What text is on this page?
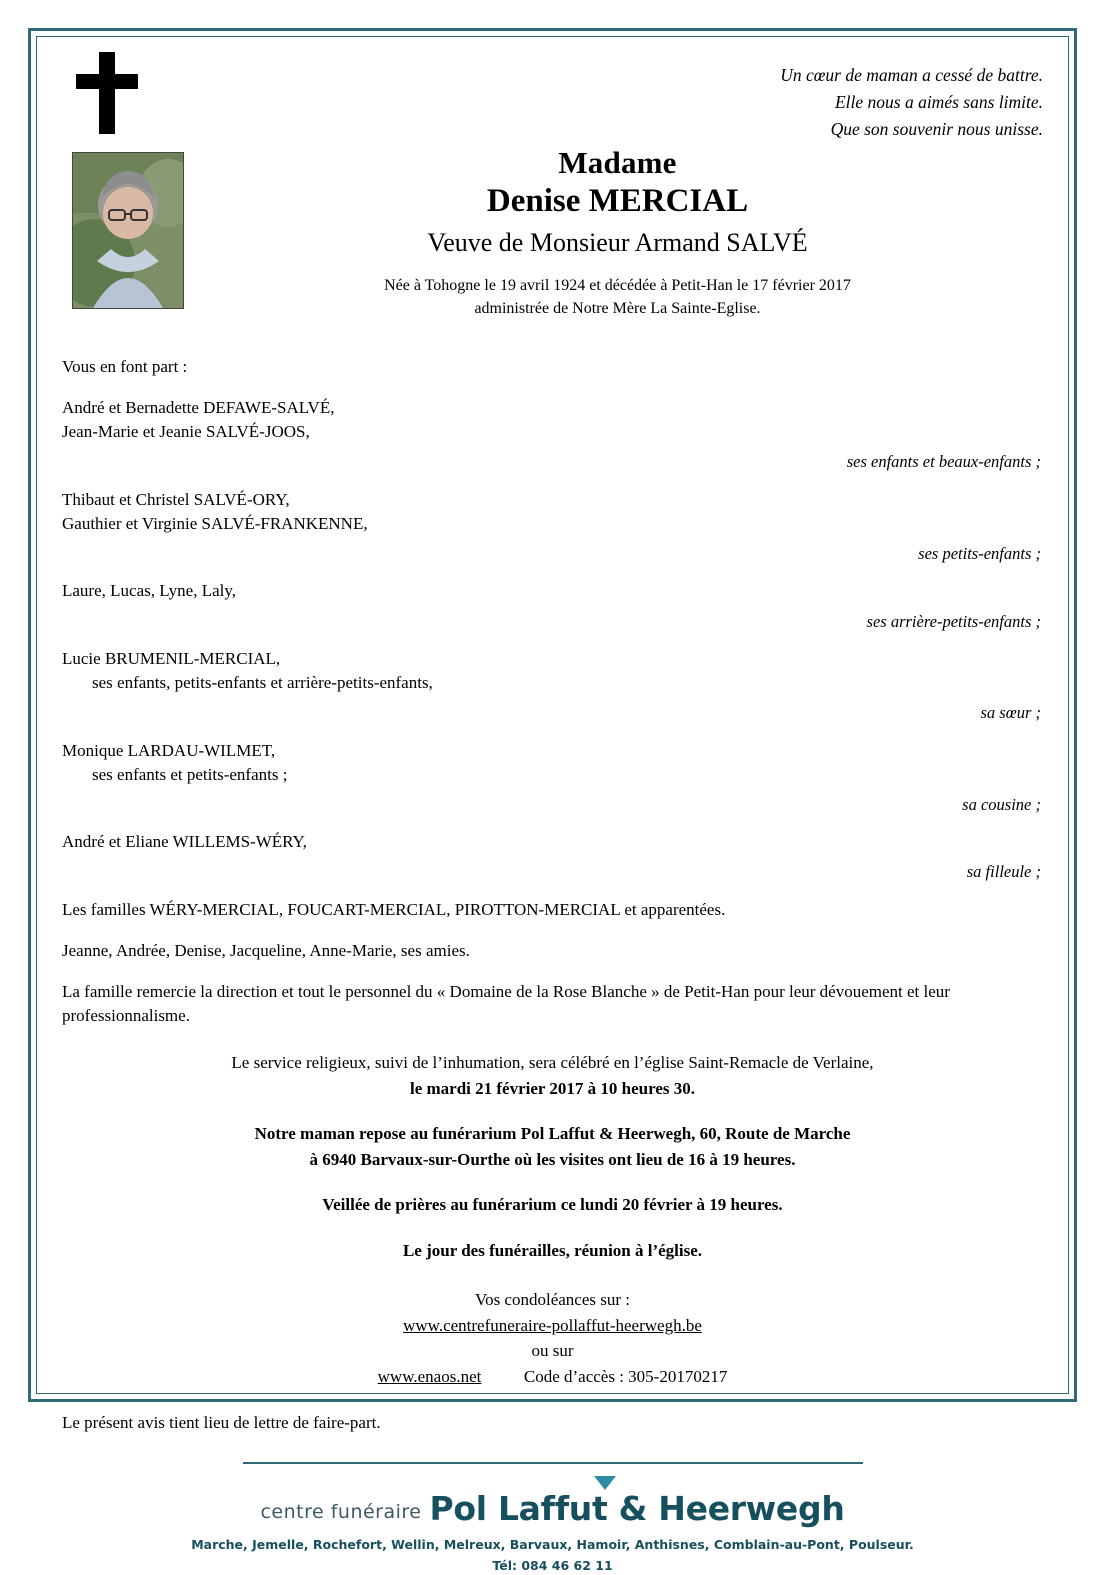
Un cœur de maman a cessé de battre.
Elle nous a aimés sans limite.
Que son souvenir nous unisse.
Madame
Denise MERCIAL
Veuve de Monsieur Armand SALVÉ
Née à Tohogne le 19 avril 1924 et décédée à Petit-Han le 17 février 2017
administrée de Notre Mère La Sainte-Eglise.
Vous en font part :
André et Bernadette DEFAWE-SALVÉ,
Jean-Marie et Jeanie SALVÉ-JOOS,
ses enfants et beaux-enfants ;
Thibaut et Christel SALVÉ-ORY,
Gauthier et Virginie SALVÉ-FRANKENNE,
ses petits-enfants ;
Laure, Lucas, Lyne, Laly,
ses arrière-petits-enfants ;
Lucie BRUMENIL-MERCIAL,
ses enfants, petits-enfants et arrière-petits-enfants,
sa sœur ;
Monique LARDAU-WILMET,
ses enfants et petits-enfants ;
sa cousine ;
André et Eliane WILLEMS-WÉRY,
sa filleule ;
Les familles WÉRY-MERCIAL, FOUCART-MERCIAL, PIROTTON-MERCIAL et apparentées.
Jeanne, Andrée, Denise, Jacqueline, Anne-Marie, ses amies.
La famille remercie la direction et tout le personnel du « Domaine de la Rose Blanche » de Petit-Han pour leur dévouement et leur professionnalisme.
Le service religieux, suivi de l’inhumation, sera célébré en l’église Saint-Remacle de Verlaine,
le mardi 21 février 2017 à 10 heures 30.
Notre maman repose au funérarium Pol Laffut & Heerwegh, 60, Route de Marche
à 6940 Barvaux-sur-Ourthe où les visites ont lieu de 16 à 19 heures.
Veillée de prières au funérarium ce lundi 20 février à 19 heures.
Le jour des funérailles, réunion à l’église.
Vos condoléances sur :
www.centrefuneraire-pollaffut-heerwegh.be
ou sur
www.enaos.net	Code d’accès : 305-20170217
Le présent avis tient lieu de lettre de faire-part.
centre funéraire Pol Laffut & Heerwegh
Marche, Jemelle, Rochefort, Wellin, Melreux, Barvaux, Hamoir, Anthisnes, Comblain-au-Pont, Poulseur.
Tél: 084 46 62 11
